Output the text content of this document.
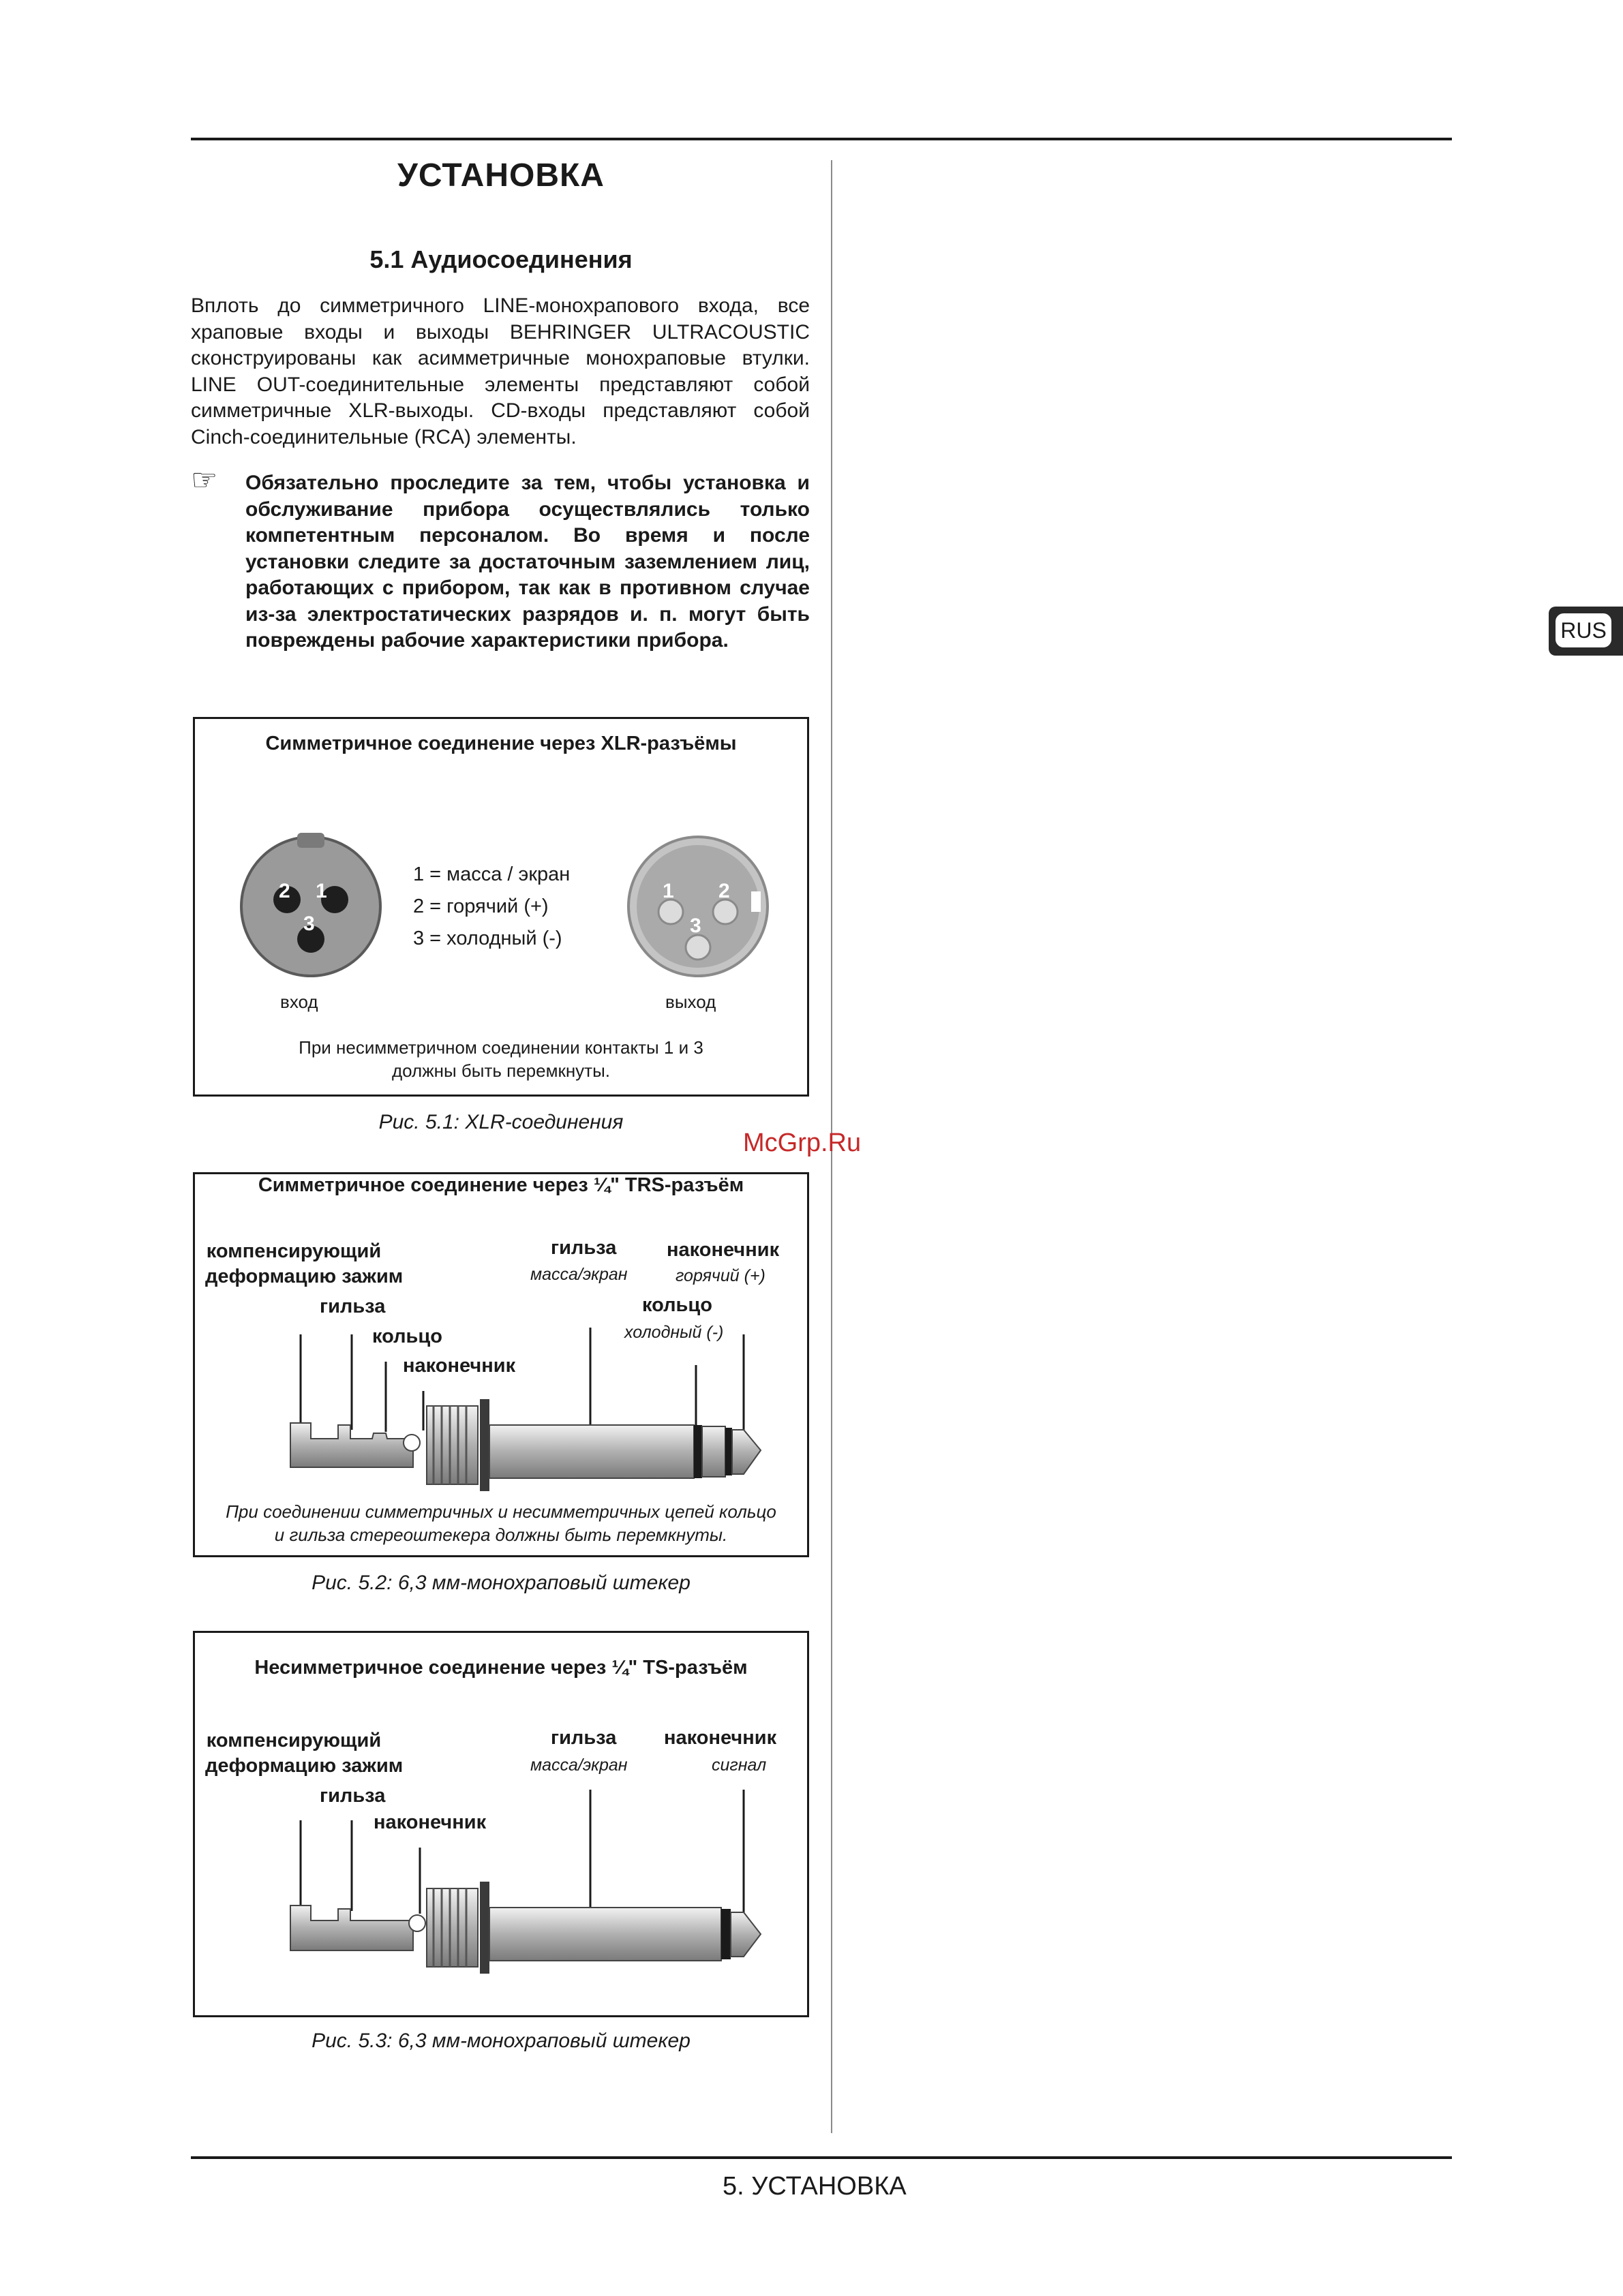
УСТАНОВКА
5.1 Аудиосоединения

Вплоть до симметричного LINE-монохрапового входа, все храповые входы и выходы BEHRINGER ULTRACOUSTIC сконструированы как асимметричные монохраповые втулки. LINE OUT-соединительные элементы представляют собой симметричные XLR-выходы. CD-входы представляют собой Cinch-соединительные (RCA) элементы.

☞ Обязательно проследите за тем, чтобы установка и обслуживание прибора осуществлялись только компетентным персоналом. Во время и после установки следите за достаточным заземлением лиц, работающих с прибором, так как в противном случае из-за электростатических разрядов и. п. могут быть повреждены рабочие характеристики прибора.

Симметричное соединение через XLR-разъёмы
2 1
3
1 2
3
1 = масса / экран
2 = горячий (+)
3 = холодный (-)
вход	выход
При несимметричном соединении контакты 1 и 3
должны быть перемкнуты.
Рис. 5.1: XLR-соединения
Симметричное соединение через ¼" TRS-разъём
компенсирующий
деформацию зажим
гильза
кольцо
наконечник
гильза
масса/экран
наконечник
горячий (+)
кольцо
холодный (-)
При соединении симметричных и несимметричных цепей кольцо
и гильза стереоштекера должны быть перемкнуты.
Рис. 5.2: 6,3 мм-монохраповый штекер
Несимметричное соединение через ¼" TS-разъём
компенсирующий
деформацию зажим
гильза
наконечник
гильза
масса/экран
наконечник
сигнал
Рис. 5.3: 6,3 мм-монохраповый штекер
RUS
McGrp.Ru
5. УСТАНОВКА
